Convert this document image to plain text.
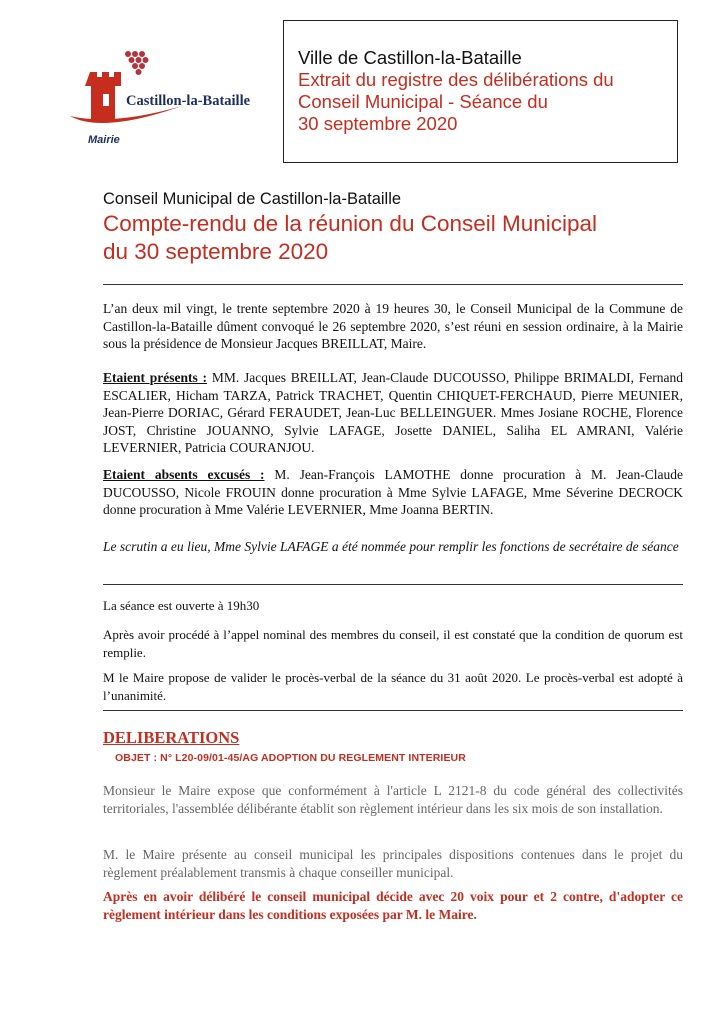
Castillon-la-Bataille
Mairie
Ville de Castillon-la-Bataille
Extrait du registre des délibérations du
Conseil Municipal - Séance du
30 septembre 2020
Conseil Municipal de Castillon-la-Bataille
Compte-rendu de la réunion du Conseil Municipal
du 30 septembre 2020

L’an deux mil vingt, le trente septembre 2020 à 19 heures 30, le Conseil Municipal de la Commune de Castillon-la-Bataille dûment convoqué le 26 septembre 2020, s’est réuni en session ordinaire, à la Mairie sous la présidence de Monsieur Jacques BREILLAT, Maire.

Etaient présents : MM. Jacques BREILLAT, Jean-Claude DUCOUSSO, Philippe BRIMALDI, Fernand ESCALIER, Hicham TARZA, Patrick TRACHET, Quentin CHIQUET-FERCHAUD, Pierre MEUNIER, Jean-Pierre DORIAC, Gérard FERAUDET, Jean-Luc BELLEINGUER. Mmes Josiane ROCHE, Florence JOST, Christine JOUANNO, Sylvie LAFAGE, Josette DANIEL, Saliha EL AMRANI, Valérie LEVERNIER, Patricia COURANJOU.

Etaient absents excusés : M. Jean-François LAMOTHE donne procuration à M. Jean-Claude DUCOUSSO, Nicole FROUIN donne procuration à Mme Sylvie LAFAGE, Mme Séverine DECROCK donne procuration à Mme Valérie LEVERNIER, Mme Joanna BERTIN.

Le scrutin a eu lieu, Mme Sylvie LAFAGE a été nommée pour remplir les fonctions de secrétaire de séance

La séance est ouverte à 19h30

Après avoir procédé à l’appel nominal des membres du conseil, il est constaté que la condition de quorum est remplie.

M le Maire propose de valider le procès-verbal de la séance du 31 août 2020. Le procès-verbal est adopté à l’unanimité.

DELIBERATIONS
OBJET : N° L20-09/01-45/AG ADOPTION DU REGLEMENT INTERIEUR

Monsieur le Maire expose que conformément à l'article L 2121-8 du code général des collectivités territoriales, l'assemblée délibérante établit son règlement intérieur dans les six mois de son installation.

M. le Maire présente au conseil municipal les principales dispositions contenues dans le projet du règlement préalablement transmis à chaque conseiller municipal.

Après en avoir délibéré le conseil municipal décide avec 20 voix pour et 2 contre, d'adopter ce règlement intérieur dans les conditions exposées par M. le Maire.
